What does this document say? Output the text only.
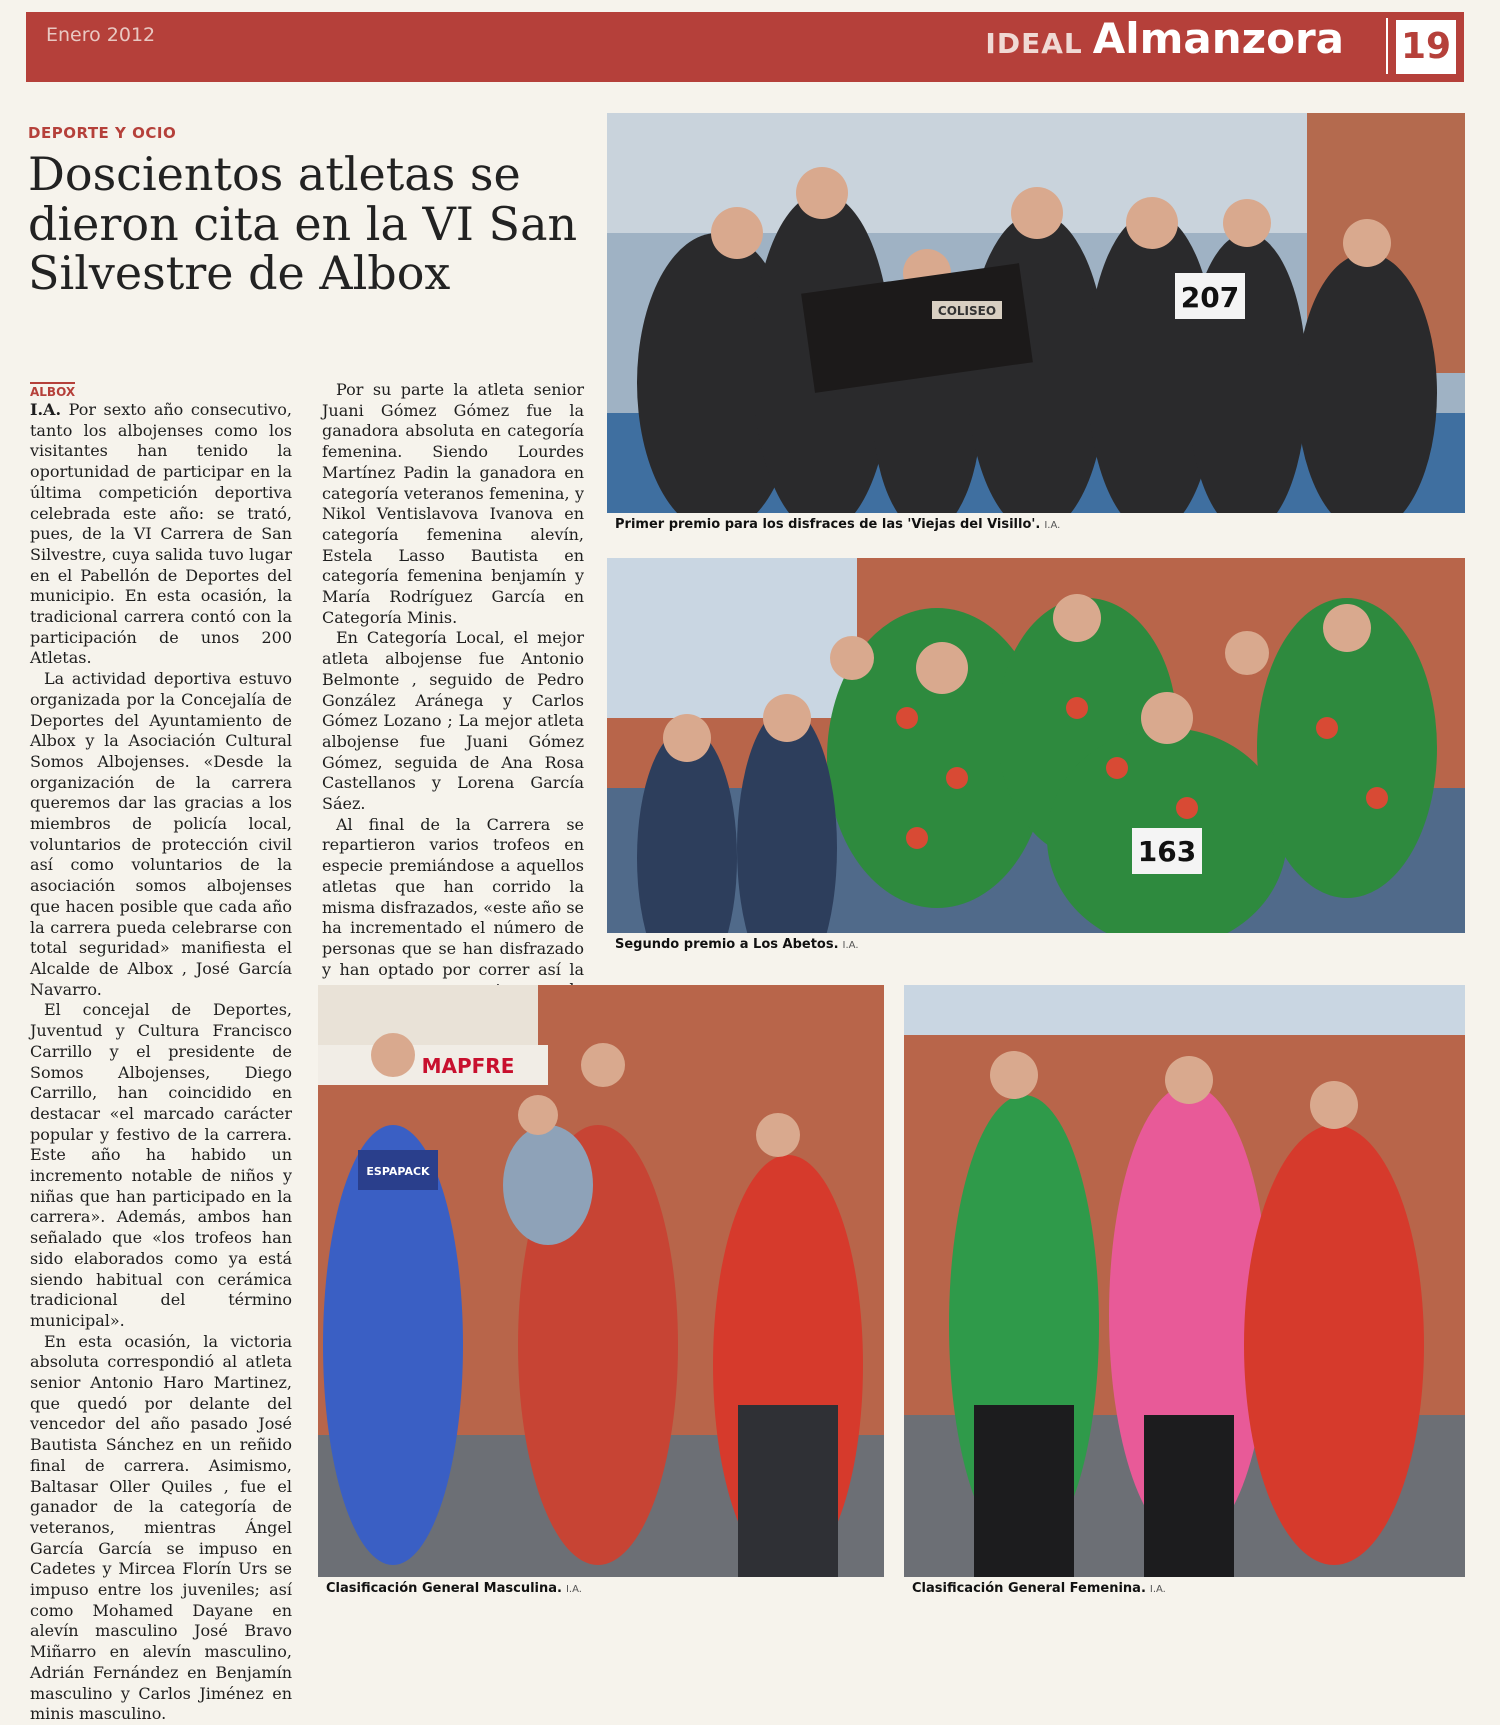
Enero 2012	IDEAL Almanzora 19
DEPORTE Y OCIO
Doscientos atletas se dieron cita en la VI San Silvestre de Albox
ALBOX

I.A. Por sexto año consecutivo, tanto los albojenses como los visitantes han tenido la oportunidad de participar en la última competición deportiva celebrada este año: se trató, pues, de la VI Carrera de San Silvestre, cuya salida tuvo lugar en el Pabellón de Deportes del municipio. En esta ocasión, la tradicional carrera contó con la participación de unos 200 Atletas.

La actividad deportiva estuvo organizada por la Concejalía de Deportes del Ayuntamiento de Albox y la Asociación Cultural Somos Albojenses. «Desde la organización de la carrera queremos dar las gracias a los miembros de policía local, voluntarios de protección civil así como voluntarios de la asociación somos albojenses que hacen posible que cada año la carrera pueda celebrarse con total seguridad» manifiesta el Alcalde de Albox , José García Navarro.

El concejal de Deportes, Juventud y Cultura Francisco Carrillo y el presidente de Somos Albojenses, Diego Carrillo, han coincidido en destacar «el marcado carácter popular y festivo de la carrera. Este año ha habido un incremento notable de niños y niñas que han participado en la carrera». Además, ambos han señalado que «los trofeos han sido elaborados como ya está siendo habitual con cerámica tradicional del término municipal».

En esta ocasión, la victoria absoluta correspondió al atleta senior Antonio Haro Martinez, que quedó por delante del vencedor del año pasado José Bautista Sánchez en un reñido final de carrera. Asimismo, Baltasar Oller Quiles , fue el ganador de la categoría de veteranos, mientras Ángel García García se impuso en Cadetes y Mircea Florín Urs se impuso entre los juveniles; así como Mohamed Dayane en alevín masculino José Bravo Miñarro en alevín masculino, Adrián Fernández en Benjamín masculino y Carlos Jiménez en minis masculino.

Por su parte la atleta senior Juani Gómez Gómez fue la ganadora absoluta en categoría femenina. Siendo Lourdes Martínez Padin la ganadora en categoría veteranos femenina, y Nikol Ventislavova Ivanova en categoría femenina alevín, Estela Lasso Bautista en categoría femenina benjamín y María Rodríguez García en Categoría Minis.

En Categoría Local, el mejor atleta albojense fue Antonio Belmonte , seguido de Pedro González Aránega y Carlos Gómez Lozano ; La mejor atleta albojense fue Juani Gómez Gómez, seguida de Ana Rosa Castellanos y Lorena García Sáez.

Al final de la Carrera se repartieron varios trofeos en especie premiándose a aquellos atletas que han corrido la misma disfrazados, «este año se ha incrementado el número de personas que se han disfrazado y han optado por correr así la

COLISEO	207
Primer premio para los disfraces de las 'Viejas del Visillo'. I.A.
163
Segundo premio a Los Abetos. I.A.
MAPFRE
ESPAPACK
Clasificación General Masculina. I.A.	Clasificación General Femenina. I.A.
